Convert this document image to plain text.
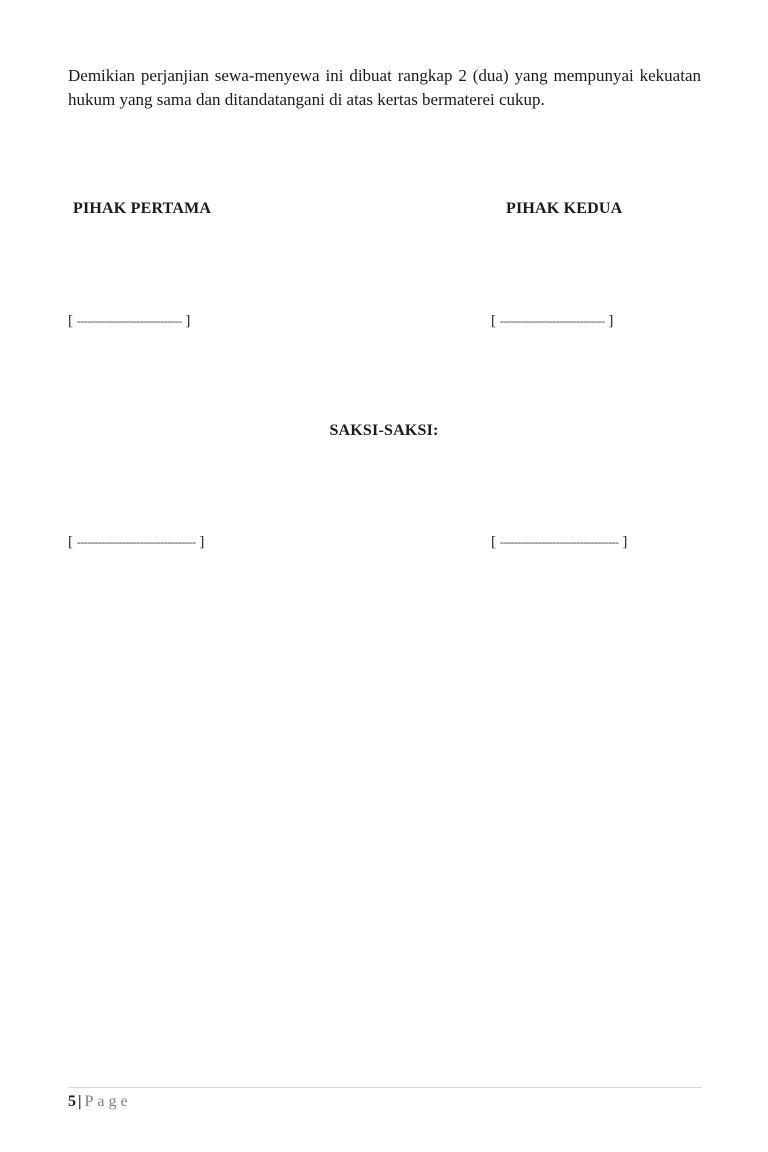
Demikian perjanjian sewa-menyewa ini dibuat rangkap 2 (dua) yang mempunyai kekuatan hukum yang sama dan ditandatangani di atas kertas bermaterei cukup.

PIHAK PERTAMA	PIHAK KEDUA
[ ------------------------------ ]	[ ------------------------------ ]
SAKSI-SAKSI:
[ ---------------------------------- ]	[ ---------------------------------- ]
5 | Page
